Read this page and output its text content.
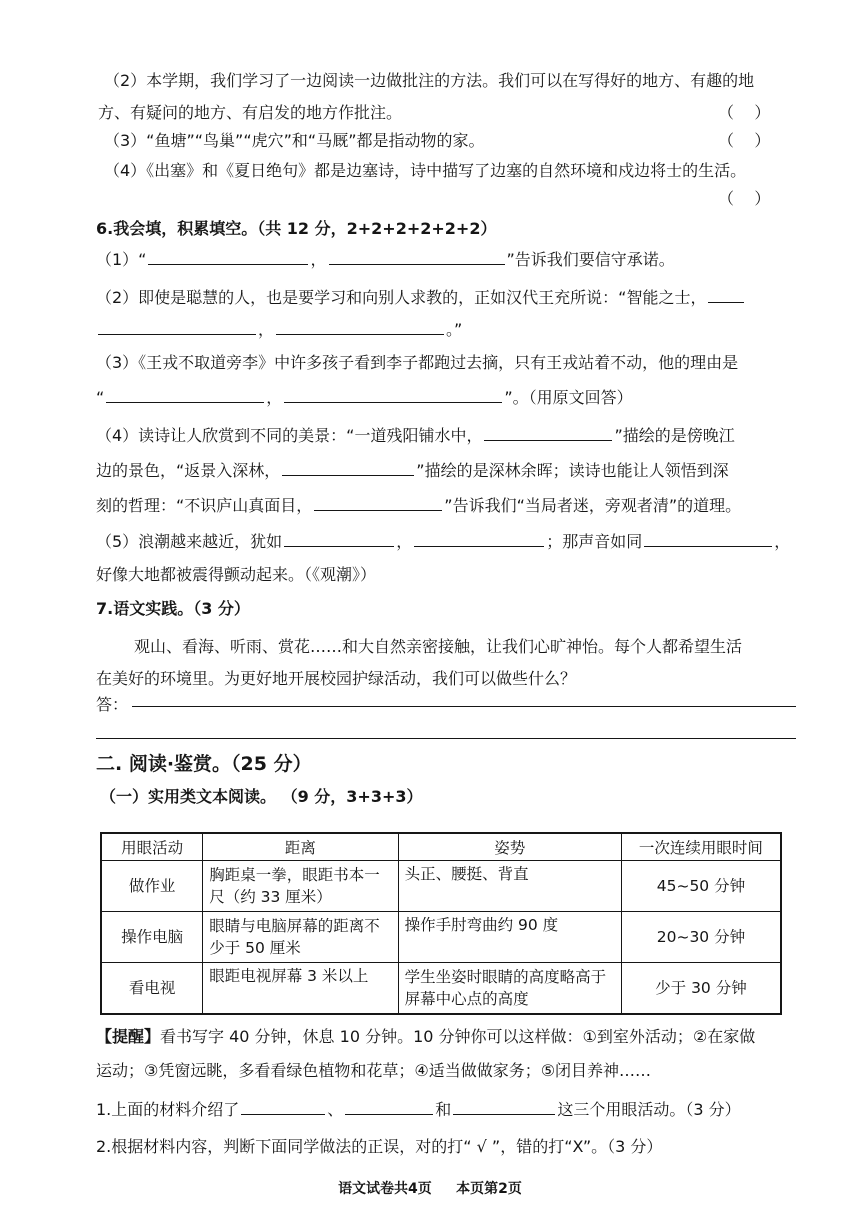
（2）本学期，我们学习了一边阅读一边做批注的方法。我们可以在写得好的地方、有趣的地
方、有疑问的地方、有启发的地方作批注。	（    ）
（3）“鱼塘”“鸟巢”“虎穴”和“马厩”都是指动物的家。	（    ）
（4）《出塞》和《夏日绝句》都是边塞诗，诗中描写了边塞的自然环境和戍边将士的生活。
（    ）
6.我会填，积累填空。（共 12 分，2+2+2+2+2+2）
（1）“	，	”告诉我们要信守承诺。
（2）即使是聪慧的人，也是要学习和向别人求教的，正如汉代王充所说：“智能之士，
，	。”
（3）《王戎不取道旁李》中许多孩子看到李子都跑过去摘，只有王戎站着不动，他的理由是
“	，	”。（用原文回答）
（4）读诗让人欣赏到不同的美景：“一道残阳铺水中，	”描绘的是傍晚江
边的景色，“返景入深林，	”描绘的是深林余晖；读诗也能让人领悟到深
刻的哲理：“不识庐山真面目，	”告诉我们“当局者迷，旁观者清”的道理。
（5）浪潮越来越近，犹如	，	；那声音如同	，
好像大地都被震得颤动起来。（《观潮》）
7.语文实践。（3 分）
观山、看海、听雨、赏花……和大自然亲密接触，让我们心旷神怡。每个人都希望生活
在美好的环境里。为更好地开展校园护绿活动，我们可以做些什么？
答：
二. 阅读·鉴赏。（25 分）
（一）实用类文本阅读。 （9 分，3+3+3）
用眼活动	距离	姿势	一次连续用眼时间
做作业	胸距桌一拳，眼距书本一尺（约 33 厘米）	头正、腰挺、背直	45~50 分钟
操作电脑	眼睛与电脑屏幕的距离不少于 50 厘米	操作手肘弯曲约 90 度	20~30 分钟
看电视	眼距电视屏幕 3 米以上	学生坐姿时眼睛的高度略高于屏幕中心点的高度	少于 30 分钟
【提醒】看书写字 40 分钟，休息 10 分钟。10 分钟你可以这样做：①到室外活动；②在家做
运动；③凭窗远眺，多看看绿色植物和花草；④适当做做家务；⑤闭目养神……
1.上面的材料介绍了	、	和	这三个用眼活动。（3 分）
2.根据材料内容，判断下面同学做法的正误，对的打“ √ ”，错的打“X”。（3 分）
语文试卷共4页     本页第2页
